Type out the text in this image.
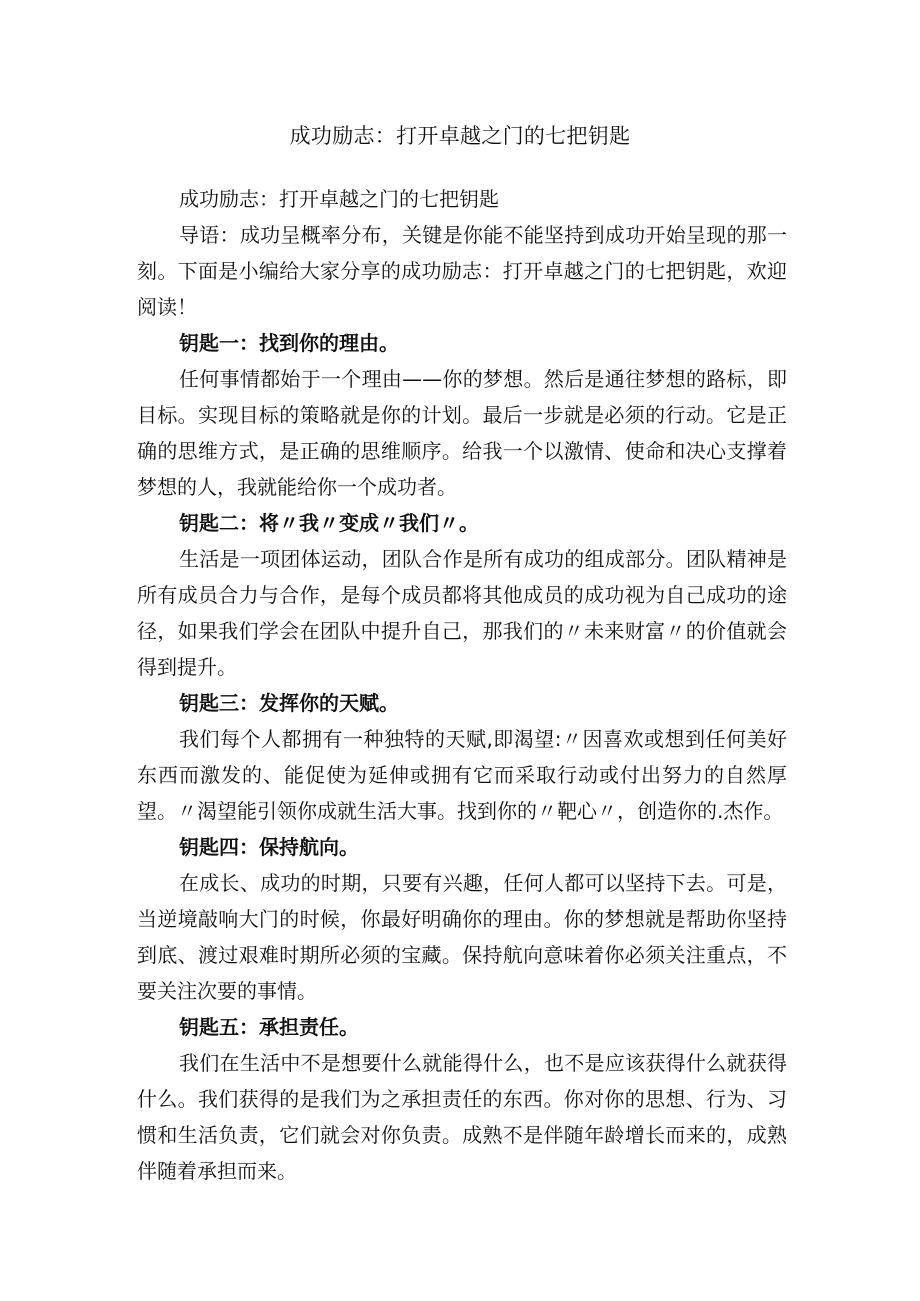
成功励志：打开卓越之门的七把钥匙

成功励志：打开卓越之门的七把钥匙

导语：成功呈概率分布，关键是你能不能坚持到成功开始呈现的那一刻。下面是小编给大家分享的成功励志：打开卓越之门的七把钥匙，欢迎阅读！

钥匙一：找到你的理由。

任何事情都始于一个理由——你的梦想。然后是通往梦想的路标，即目标。实现目标的策略就是你的计划。最后一步就是必须的行动。它是正确的思维方式，是正确的思维顺序。给我一个以激情、使命和决心支撑着梦想的人，我就能给你一个成功者。

钥匙二：将〃我〃变成〃我们〃。

生活是一项团体运动，团队合作是所有成功的组成部分。团队精神是所有成员合力与合作，是每个成员都将其他成员的成功视为自己成功的途径，如果我们学会在团队中提升自己，那我们的〃未来财富〃的价值就会得到提升。

钥匙三：发挥你的天赋。

我们每个人都拥有一种独特的天赋,即渴望:〃因喜欢或想到任何美好东西而激发的、能促使为延伸或拥有它而采取行动或付出努力的自然厚望。〃渴望能引领你成就生活大事。找到你的〃靶心〃，创造你的.杰作。

钥匙四：保持航向。

在成长、成功的时期，只要有兴趣，任何人都可以坚持下去。可是，当逆境敲响大门的时候，你最好明确你的理由。你的梦想就是帮助你坚持到底、渡过艰难时期所必须的宝藏。保持航向意味着你必须关注重点，不要关注次要的事情。

钥匙五：承担责任。

我们在生活中不是想要什么就能得什么，也不是应该获得什么就获得什么。我们获得的是我们为之承担责任的东西。你对你的思想、行为、习惯和生活负责，它们就会对你负责。成熟不是伴随年龄增长而来的，成熟伴随着承担而来。
